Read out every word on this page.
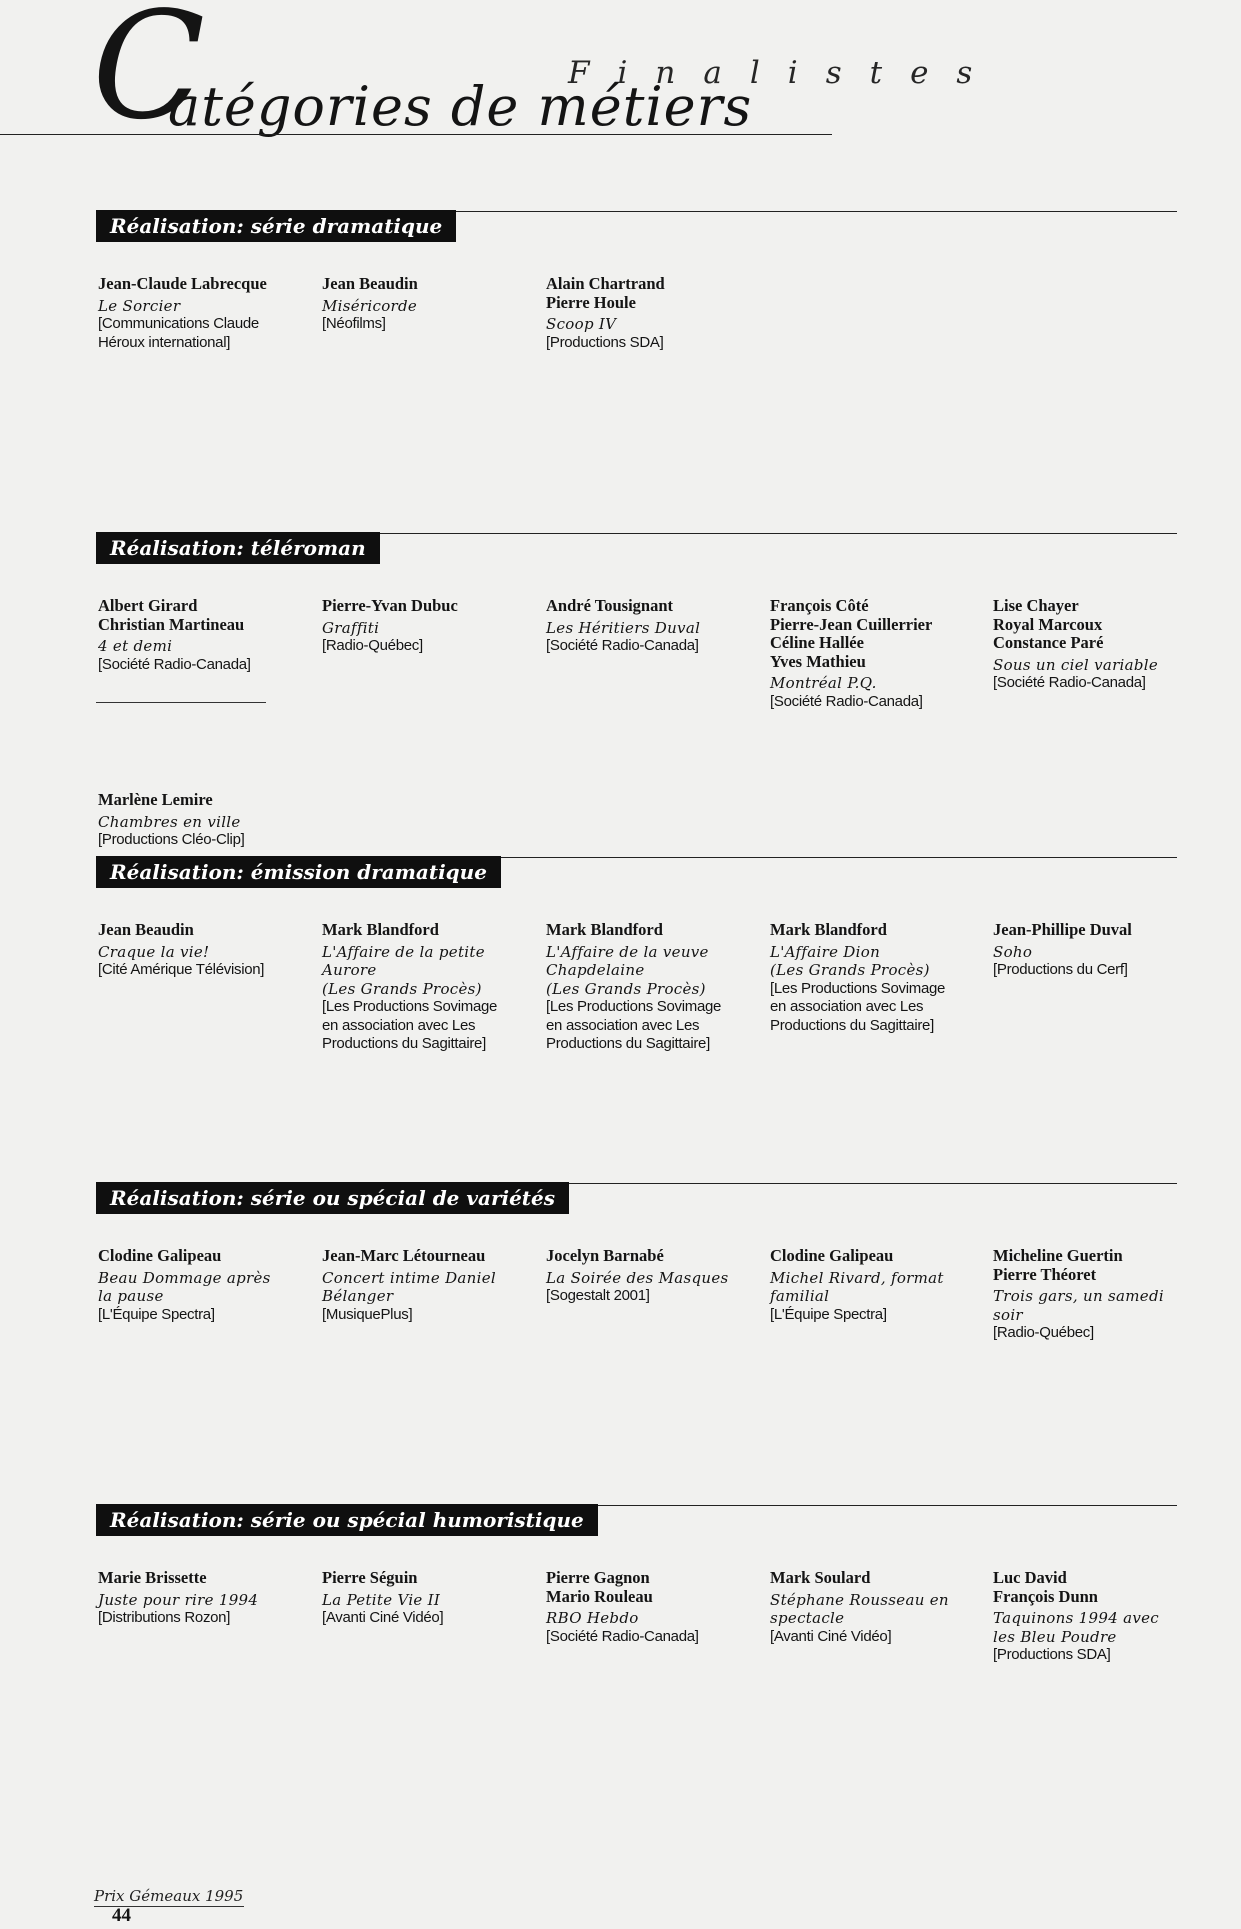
C
atégories de métiers
Finalistes
Réalisation: série dramatique
Jean-Claude Labrecque
Le Sorcier
[Communications Claude
Héroux international]
Jean Beaudin
Miséricorde
[Néofilms]
Alain Chartrand
Pierre Houle
Scoop IV
[Productions SDA]
Réalisation: téléroman
Albert Girard
Christian Martineau
4 et demi
[Société Radio-Canada]
Pierre-Yvan Dubuc
Graffiti
[Radio-Québec]
André Tousignant
Les Héritiers Duval
[Société Radio-Canada]
François Côté
Pierre-Jean Cuillerrier
Céline Hallée
Yves Mathieu
Montréal P.Q.
[Société Radio-Canada]
Lise Chayer
Royal Marcoux
Constance Paré
Sous un ciel variable
[Société Radio-Canada]
Marlène Lemire
Chambres en ville
[Productions Cléo-Clip]
Réalisation: émission dramatique
Jean Beaudin
Craque la vie!
[Cité Amérique Télévision]
Mark Blandford
L'Affaire de la petite
Aurore
(Les Grands Procès)
[Les Productions Sovimage
en association avec Les
Productions du Sagittaire]
Mark Blandford
L'Affaire de la veuve
Chapdelaine
(Les Grands Procès)
[Les Productions Sovimage
en association avec Les
Productions du Sagittaire]
Mark Blandford
L'Affaire Dion
(Les Grands Procès)
[Les Productions Sovimage
en association avec Les
Productions du Sagittaire]
Jean-Phillipe Duval
Soho
[Productions du Cerf]
Réalisation: série ou spécial de variétés
Clodine Galipeau
Beau Dommage après
la pause
[L'Équipe Spectra]
Jean-Marc Létourneau
Concert intime Daniel
Bélanger
[MusiquePlus]
Jocelyn Barnabé
La Soirée des Masques
[Sogestalt 2001]
Clodine Galipeau
Michel Rivard, format
familial
[L'Équipe Spectra]
Micheline Guertin
Pierre Théoret
Trois gars, un samedi
soir
[Radio-Québec]
Réalisation: série ou spécial humoristique
Marie Brissette
Juste pour rire 1994
[Distributions Rozon]
Pierre Séguin
La Petite Vie II
[Avanti Ciné Vidéo]
Pierre Gagnon
Mario Rouleau
RBO Hebdo
[Société Radio-Canada]
Mark Soulard
Stéphane Rousseau en
spectacle
[Avanti Ciné Vidéo]
Luc David
François Dunn
Taquinons 1994 avec
les Bleu Poudre
[Productions SDA]
Prix Gémeaux 1995
44
